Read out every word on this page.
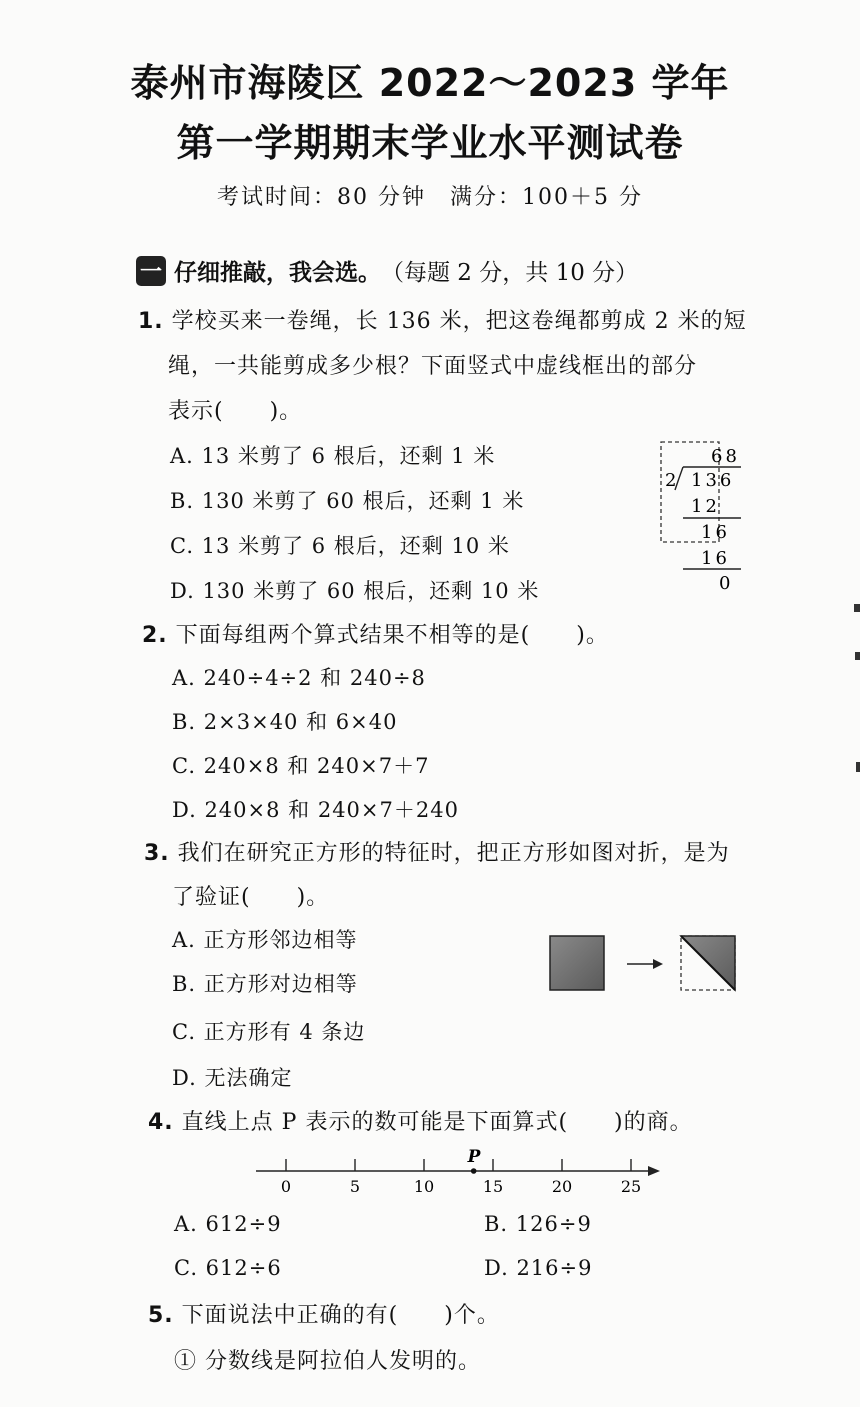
泰州市海陵区 2022～2023 学年
第一学期期末学业水平测试卷
考试时间：80 分钟　满分：100＋5 分
一 仔细推敲，我会选。 （每题 2 分，共 10 分）
1. 学校买来一卷绳，长 136 米，把这卷绳都剪成 2 米的短
绳，一共能剪成多少根？下面竖式中虚线框出的部分
表示(　　)。
A. 13 米剪了 6 根后，还剩 1 米
B. 130 米剪了 60 根后，还剩 1 米
C. 13 米剪了 6 根后，还剩 10 米
D. 130 米剪了 60 根后，还剩 10 米
68
2 136
12
16
16
0
2. 下面每组两个算式结果不相等的是(　　)。
A. 240÷4÷2 和 240÷8
B. 2×3×40 和 6×40
C. 240×8 和 240×7＋7
D. 240×8 和 240×7＋240
3. 我们在研究正方形的特征时，把正方形如图对折，是为
了验证(　　)。
A. 正方形邻边相等
B. 正方形对边相等
C. 正方形有 4 条边
D. 无法确定
4. 直线上点 P 表示的数可能是下面算式(　　)的商。
0	5	10	15	20	25
P
A. 612÷9	B. 126÷9
C. 612÷6	D. 216÷9
5. 下面说法中正确的有(　　)个。
① 分数线是阿拉伯人发明的。
